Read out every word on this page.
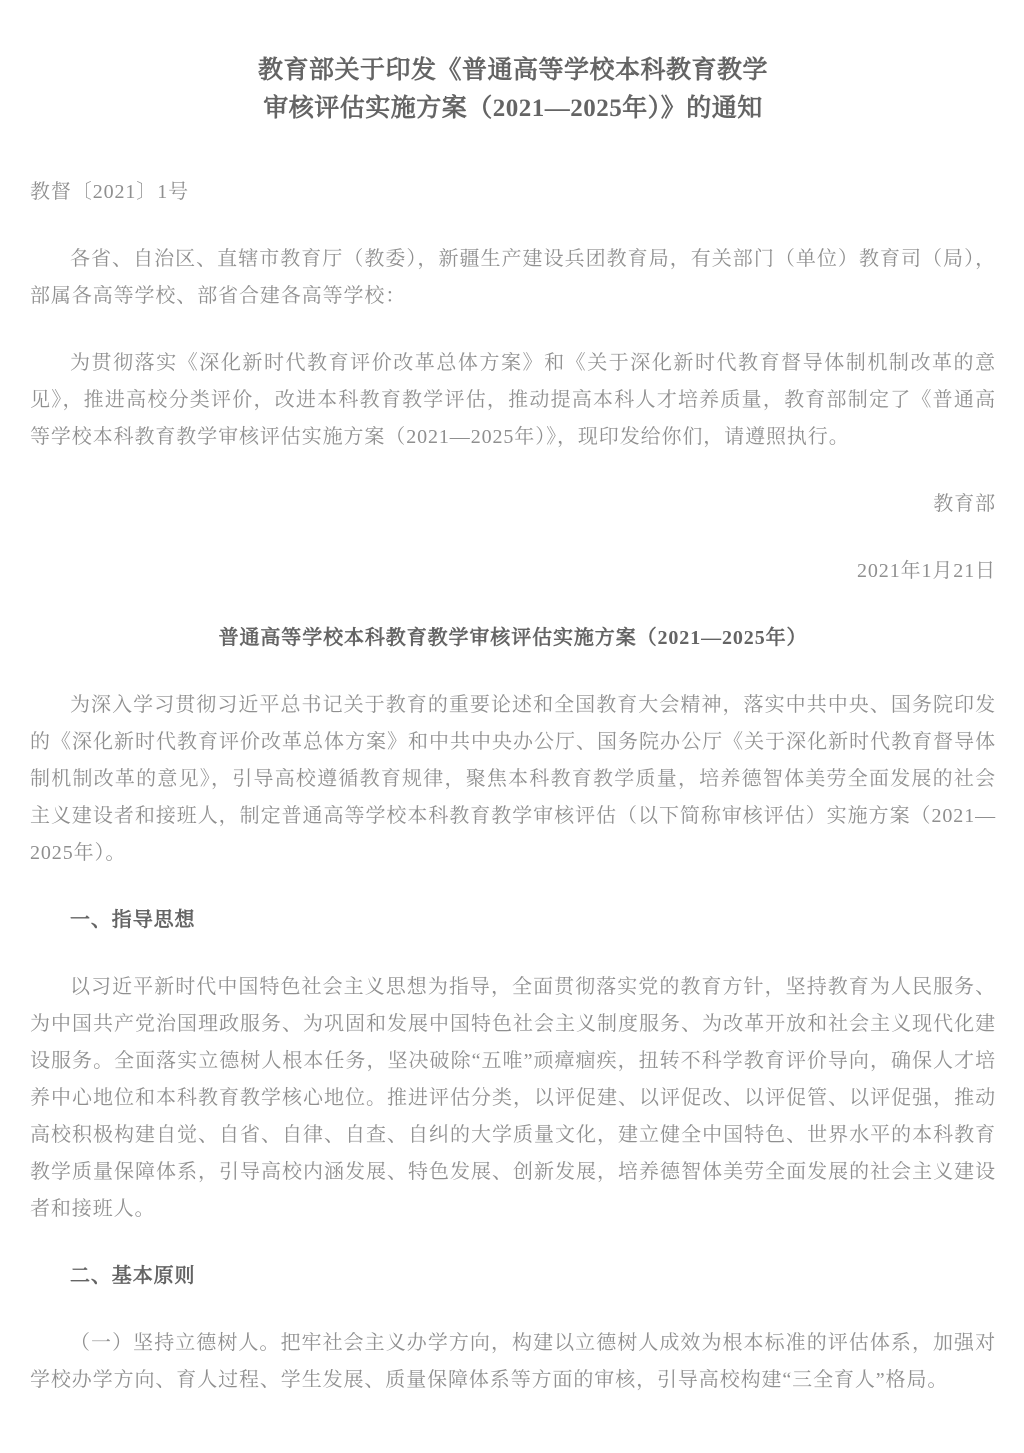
教育部关于印发《普通高等学校本科教育教学
审核评估实施方案（2021—2025年）》的通知

教督〔2021〕1号

各省、自治区、直辖市教育厅（教委），新疆生产建设兵团教育局，有关部门（单位）教育司（局），部属各高等学校、部省合建各高等学校：

为贯彻落实《深化新时代教育评价改革总体方案》和《关于深化新时代教育督导体制机制改革的意见》，推进高校分类评价，改进本科教育教学评估，推动提高本科人才培养质量，教育部制定了《普通高等学校本科教育教学审核评估实施方案（2021—2025年）》，现印发给你们，请遵照执行。

教育部

2021年1月21日

普通高等学校本科教育教学审核评估实施方案（2021—2025年）

为深入学习贯彻习近平总书记关于教育的重要论述和全国教育大会精神，落实中共中央、国务院印发的《深化新时代教育评价改革总体方案》和中共中央办公厅、国务院办公厅《关于深化新时代教育督导体制机制改革的意见》，引导高校遵循教育规律，聚焦本科教育教学质量，培养德智体美劳全面发展的社会主义建设者和接班人，制定普通高等学校本科教育教学审核评估（以下简称审核评估）实施方案（2021—2025年）。

一、指导思想

以习近平新时代中国特色社会主义思想为指导，全面贯彻落实党的教育方针，坚持教育为人民服务、为中国共产党治国理政服务、为巩固和发展中国特色社会主义制度服务、为改革开放和社会主义现代化建设服务。全面落实立德树人根本任务，坚决破除“五唯”顽瘴痼疾，扭转不科学教育评价导向，确保人才培养中心地位和本科教育教学核心地位。推进评估分类，以评促建、以评促改、以评促管、以评促强，推动高校积极构建自觉、自省、自律、自查、自纠的大学质量文化，建立健全中国特色、世界水平的本科教育教学质量保障体系，引导高校内涵发展、特色发展、创新发展，培养德智体美劳全面发展的社会主义建设者和接班人。

二、基本原则

（一）坚持立德树人。把牢社会主义办学方向，构建以立德树人成效为根本标准的评估体系，加强对学校办学方向、育人过程、学生发展、质量保障体系等方面的审核，引导高校构建“三全育人”格局。
